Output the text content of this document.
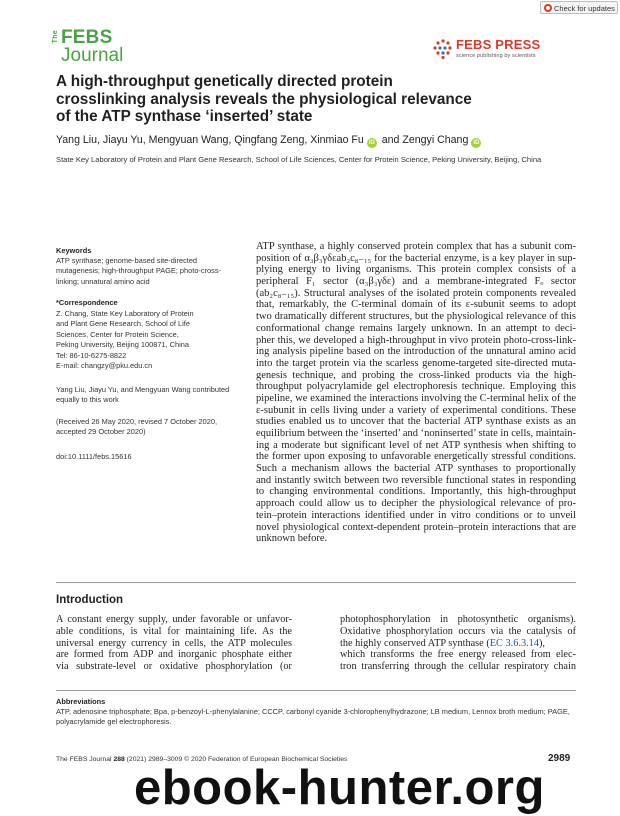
Check for updates
The FEBS
Journal
FEBS PRESS
science publishing by scientists
A high-throughput genetically directed protein
crosslinking analysis reveals the physiological relevance
of the ATP synthase ‘inserted’ state
Yang Liu, Jiayu Yu, Mengyuan Wang, Qingfang Zeng, Xinmiao Fu iD and Zengyi Chang iD
State Key Laboratory of Protein and Plant Gene Research, School of Life Sciences, Center for Protein Science, Peking University, Beijing, China
Keywords
ATP synthase; genome-based site-directed mutagenesis; high-throughput PAGE; photo-cross-linking; unnatural amino acid
*Correspondence
Z. Chang, State Key Laboratory of Protein
and Plant Gene Research, School of Life
Sciences, Center for Protein Science,
Peking University, Beijing 100871, China
Tel: 86-10-6275-8822
E-mail: changzy@pku.edu.cn
Yang Liu, Jiayu Yu, and Mengyuan Wang contributed equally to this work
(Received 26 May 2020, revised 7 October 2020, accepted 29 October 2020)
doi:10.1111/febs.15616
ATP synthase, a highly conserved protein complex that has a subunit com-
position of α₃β₃γδεab₂c₈₋₁₅ for the bacterial enzyme, is a key player in sup-
plying energy to living organisms. This protein complex consists of a
peripheral F₁ sector (α₃β₃γδε) and a membrane-integrated Fₒ sector
(ab₂c₈₋₁₅). Structural analyses of the isolated protein components revealed
that, remarkably, the C-terminal domain of its ε-subunit seems to adopt
two dramatically different structures, but the physiological relevance of this
conformational change remains largely unknown. In an attempt to deci-
pher this, we developed a high-throughput in vivo protein photo-cross-link-
ing analysis pipeline based on the introduction of the unnatural amino acid
into the target protein via the scarless genome-targeted site-directed muta-
genesis technique, and probing the cross-linked products via the high-
throughput polyacrylamide gel electrophoresis technique. Employing this
pipeline, we examined the interactions involving the C-terminal helix of the
ε-subunit in cells living under a variety of experimental conditions. These
studies enabled us to uncover that the bacterial ATP synthase exists as an
equilibrium between the ‘inserted’ and ‘noninserted’ state in cells, maintain-
ing a moderate but significant level of net ATP synthesis when shifting to
the former upon exposing to unfavorable energetically stressful conditions.
Such a mechanism allows the bacterial ATP synthases to proportionally
and instantly switch between two reversible functional states in responding
to changing environmental conditions. Importantly, this high-throughput
approach could allow us to decipher the physiological relevance of pro-
tein–protein interactions identified under in vitro conditions or to unveil
novel physiological context-dependent protein–protein interactions that are
unknown before.
Introduction
A constant energy supply, under favorable or unfavor-
able conditions, is vital for maintaining life. As the
universal energy currency in cells, the ATP molecules
are formed from ADP and inorganic phosphate either
via substrate-level or oxidative phosphorylation (or
photophosphorylation in photosynthetic organisms).
Oxidative phosphorylation occurs via the catalysis of
the highly conserved ATP synthase (EC 3.6.3.14),
which transforms the free energy released from elec-
tron transferring through the cellular respiratory chain
Abbreviations
ATP, adenosine triphosphate; Bpa, p-benzoyl-L-phenylalanine; CCCP, carbonyl cyanide 3-chlorophenylhydrazone; LB medium, Lennox broth medium; PAGE, polyacrylamide gel electrophoresis.
The FEBS Journal 288 (2021) 2989–3009 © 2020 Federation of European Biochemical Societies	2989
ebook-hunter.org
